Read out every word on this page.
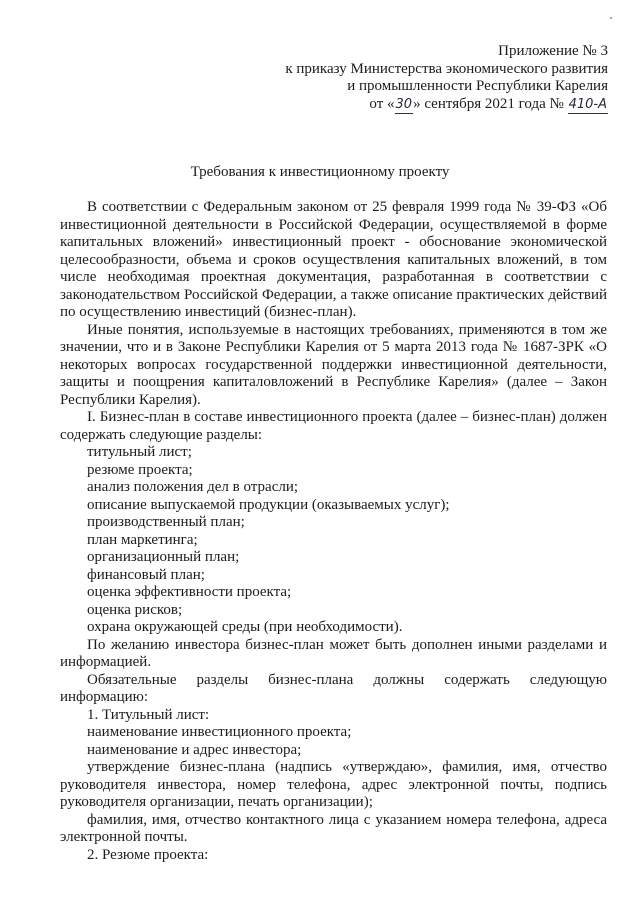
Приложение № 3
к приказу Министерства экономического развития
и промышленности Республики Карелия
от «30» сентября 2021 года № 410-А
Требования к инвестиционному проекту

В соответствии с Федеральным законом от 25 февраля 1999 года № 39-ФЗ «Об инвестиционной деятельности в Российской Федерации, осуществляемой в форме капитальных вложений» инвестиционный проект - обоснование экономической целесообразности, объема и сроков осуществления капитальных вложений, в том числе необходимая проектная документация, разработанная в соответствии с законодательством Российской Федерации, а также описание практических действий по осуществлению инвестиций (бизнес-план).

Иные понятия, используемые в настоящих требованиях, применяются в том же значении, что и в Законе Республики Карелия от 5 марта 2013 года № 1687-ЗРК «О некоторых вопросах государственной поддержки инвестиционной деятельности, защиты и поощрения капиталовложений в Республике Карелия» (далее – Закон Республики Карелия).

I. Бизнес-план в составе инвестиционного проекта (далее – бизнес-план) должен содержать следующие разделы:

титульный лист;

резюме проекта;

анализ положения дел в отрасли;

описание выпускаемой продукции (оказываемых услуг);

производственный план;

план маркетинга;

организационный план;

финансовый план;

оценка эффективности проекта;

оценка рисков;

охрана окружающей среды (при необходимости).

По желанию инвестора бизнес-план может быть дополнен иными разделами и информацией.

Обязательные разделы бизнес-плана должны содержать следующую информацию:

1. Титульный лист:

наименование инвестиционного проекта;

наименование и адрес инвестора;

утверждение бизнес-плана (надпись «утверждаю», фамилия, имя, отчество руководителя инвестора, номер телефона, адрес электронной почты, подпись руководителя организации, печать организации);

фамилия, имя, отчество контактного лица с указанием номера телефона, адреса электронной почты.

2. Резюме проекта:
